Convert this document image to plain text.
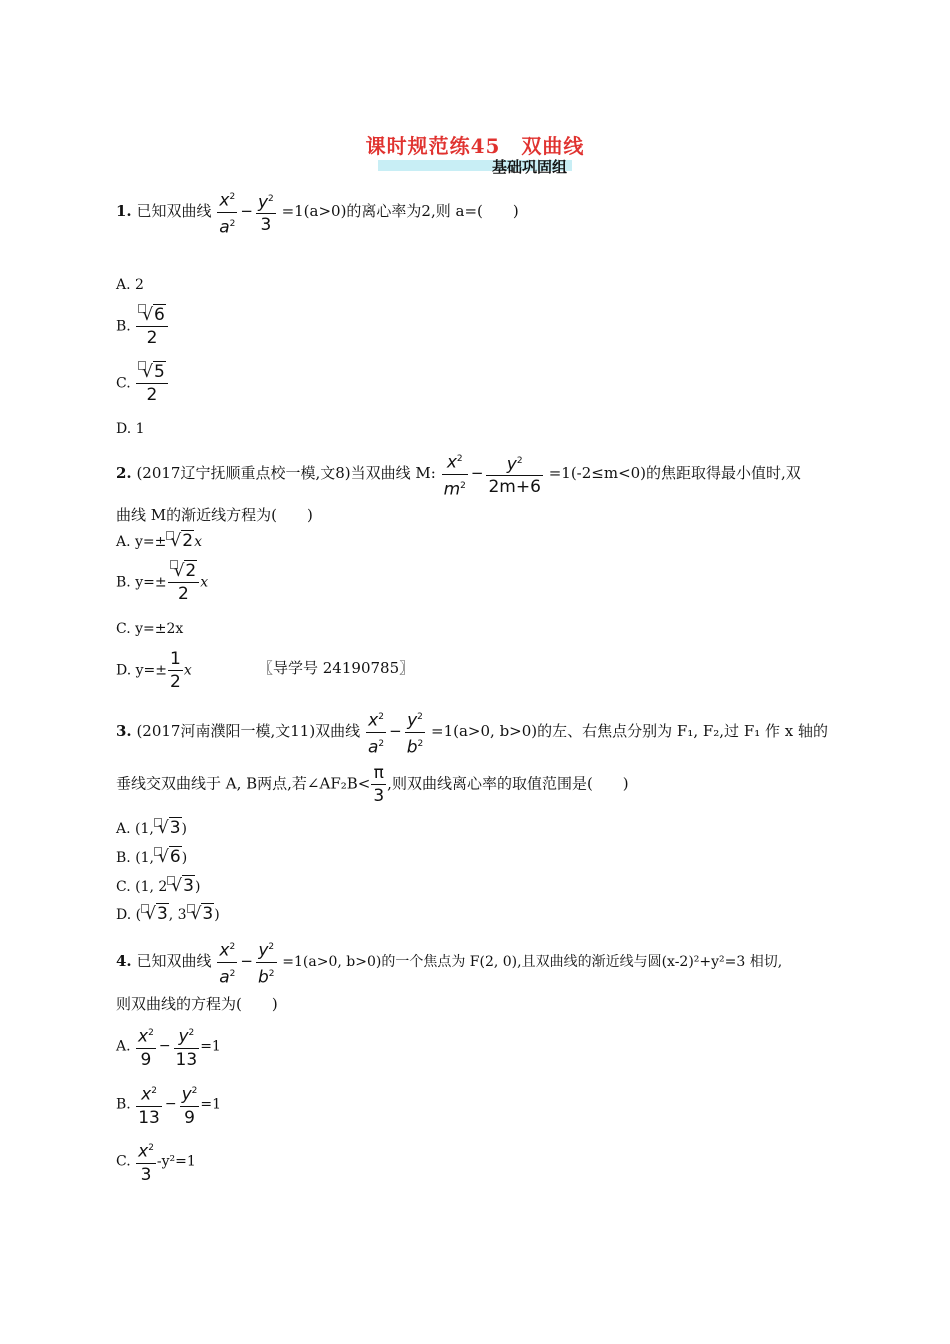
课时规范练45　双曲线
基础巩固组
1. 已知双曲线 $\frac{x^2}{a^2} - \frac{y^2}{3} =1(a>0)$的离心率为2,则 a=(　　)
A. 2
B. $\frac{√6}{2}$
C. $\frac{√5}{2}$
D. 1
2. (2017辽宁抚顺重点校一模,文8)当双曲线 M: $\frac{x^2}{m^2} - \frac{y^2}{2m+6} =1(-2\le m<0)$的焦距取得最小值时,双
曲线 M的渐近线方程为(　　)
A. y=± √2x
B. $y=\pm \frac{√2}{2}$ x
C. y=±2x
D. $y=\pm \frac{1}{2}$ x	〖导学号 24190785〗
3. (2017河南濮阳一模,文11)双曲线 $\frac{x^2}{a^2} - \frac{y^2}{b^2} =1(a>0$, b>0)的左、右焦点分别为 F₁, F₂,过 F₁ 作 x 轴的
垂线交双曲线于 A, B两点,若∠AF₂B< $\frac{\pi}{3}$ ,则双曲线离心率的取值范围是(　　)
A. (1, √3)
B. (1, √6)
C. (1, 2 √3)
D. ( √3, 3 √3)
4. 已知双曲线 $\frac{x^2}{a^2} - \frac{y^2}{b^2} =1(a>0$, b>0)的一个焦点为 F(2, 0),且双曲线的渐近线与圆(x-2)²+y²=3 相切,
则双曲线的方程为(　　)
A. $\frac{x^2}{9} - \frac{y^2}{13} =1$
B. $\frac{x^2}{13} - \frac{y^2}{9} =1$
C. $\frac{x^2}{3} -y^2=1$
